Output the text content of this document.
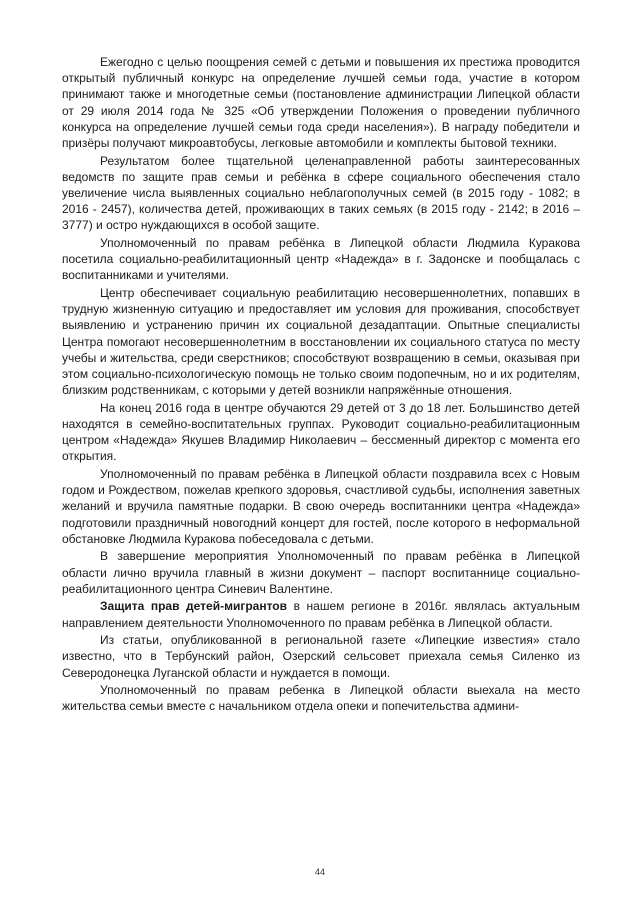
Ежегодно с целью поощрения семей с детьми и повышения их престижа проводится открытый публичный конкурс на определение лучшей семьи года, участие в котором принимают также и многодетные семьи (постановление администрации Липецкой области от 29 июля 2014 года № 325 «Об утверждении Положения о проведении публичного конкурса на определение лучшей семьи года среди населения»). В награду победители и призёры получают микроавтобусы, легковые автомобили и комплекты бытовой техники.

Результатом более тщательной целенаправленной работы заинтересованных ведомств по защите прав семьи и ребёнка в сфере социального обеспечения стало увеличение числа выявленных социально неблагополучных семей (в 2015 году - 1082; в 2016 - 2457), количества детей, проживающих в таких семьях (в 2015 году - 2142; в 2016 – 3777) и остро нуждающихся в особой защите.

Уполномоченный по правам ребёнка в Липецкой области Людмила Куракова посетила социально-реабилитационный центр «Надежда» в г. Задонске и пообщалась с воспитанниками и учителями.

Центр обеспечивает социальную реабилитацию несовершеннолетних, попавших в трудную жизненную ситуацию и предоставляет им условия для проживания, способствует выявлению и устранению причин их социальной дезадаптации. Опытные специалисты Центра помогают несовершеннолетним в восстановлении их социального статуса по месту учебы и жительства, среди сверстников; способствуют возвращению в семьи, оказывая при этом социально-психологическую помощь не только своим подопечным, но и их родителям, близким родственникам, с которыми у детей возникли напряжённые отношения.

На конец 2016 года в центре обучаются 29 детей от 3 до 18 лет. Большинство детей находятся в семейно-воспитательных группах. Руководит социально-реабилитационным центром «Надежда» Якушев Владимир Николаевич – бессменный директор с момента его открытия.

Уполномоченный по правам ребёнка в Липецкой области поздравила всех с Новым годом и Рождеством, пожелав крепкого здоровья, счастливой судьбы, исполнения заветных желаний и вручила памятные подарки. В свою очередь воспитанники центра «Надежда» подготовили праздничный новогодний концерт для гостей, после которого в неформальной обстановке Людмила Куракова побеседовала с детьми.

В завершение мероприятия Уполномоченный по правам ребёнка в Липецкой области лично вручила главный в жизни документ – паспорт воспитаннице социально-реабилитационного центра Синевич Валентине.

Защита прав детей-мигрантов в нашем регионе в 2016г. являлась актуальным направлением деятельности Уполномоченного по правам ребёнка в Липецкой области.

Из статьи, опубликованной в региональной газете «Липецкие известия» стало известно, что в Тербунский район, Озерский сельсовет приехала семья Силенко из Северодонецка Луганской области и нуждается в помощи.

Уполномоченный по правам ребенка в Липецкой области выехала на место жительства семьи вместе с начальником отдела опеки и попечительства админи-

44
